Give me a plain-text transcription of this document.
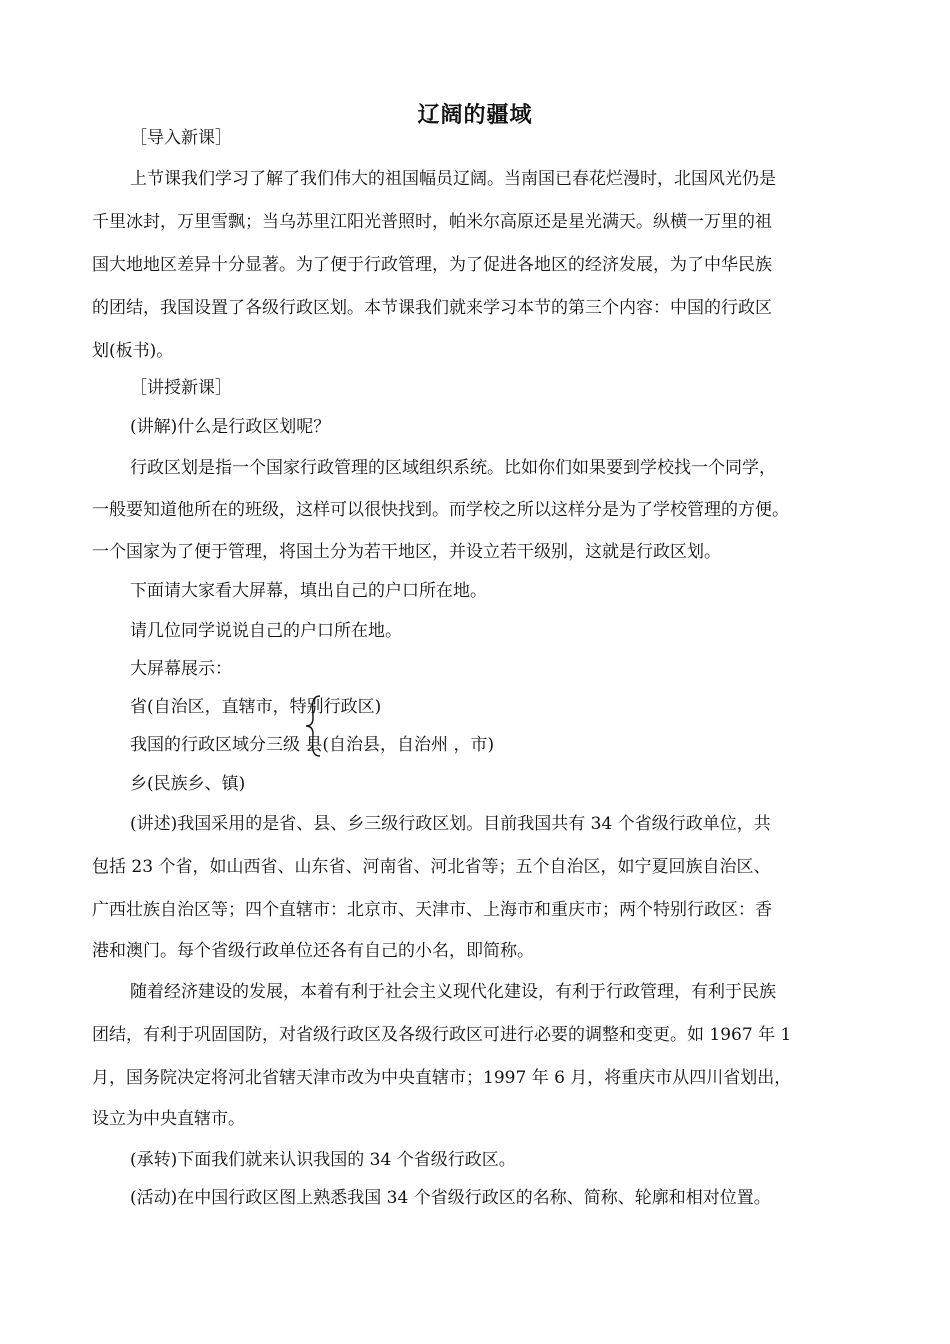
辽阔的疆域
［导入新课］
上节课我们学习了解了我们伟大的祖国幅员辽阔。当南国已春花烂漫时，北国风光仍是
千里冰封，万里雪飘；当乌苏里江阳光普照时，帕米尔高原还是星光满天。纵横一万里的祖
国大地地区差异十分显著。为了便于行政管理，为了促进各地区的经济发展，为了中华民族
的团结，我国设置了各级行政区划。本节课我们就来学习本节的第三个内容：中国的行政区
划(板书)。
［讲授新课］
(讲解)什么是行政区划呢？
行政区划是指一个国家行政管理的区域组织系统。比如你们如果要到学校找一个同学，
一般要知道他所在的班级，这样可以很快找到。而学校之所以这样分是为了学校管理的方便。
一个国家为了便于管理，将国土分为若干地区，并设立若干级别，这就是行政区划。
下面请大家看大屏幕，填出自己的户口所在地。
请几位同学说说自己的户口所在地。
大屏幕展示：
省(自治区，直辖市，特别行政区)
我国的行政区域分三级 县(自治县，自治州 ，市)
乡(民族乡、镇)
(讲述)我国采用的是省、县、乡三级行政区划。目前我国共有 34 个省级行政单位，共
包括 23 个省，如山西省、山东省、河南省、河北省等；五个自治区，如宁夏回族自治区、
广西壮族自治区等；四个直辖市：北京市、天津市、上海市和重庆市；两个特别行政区：香
港和澳门。每个省级行政单位还各有自己的小名，即简称。
随着经济建设的发展，本着有利于社会主义现代化建设，有利于行政管理，有利于民族
团结，有利于巩固国防，对省级行政区及各级行政区可进行必要的调整和变更。如 1967 年 1
月，国务院决定将河北省辖天津市改为中央直辖市；1997 年 6 月，将重庆市从四川省划出，
设立为中央直辖市。
(承转)下面我们就来认识我国的 34 个省级行政区。
(活动)在中国行政区图上熟悉我国 34 个省级行政区的名称、简称、轮廓和相对位置。
